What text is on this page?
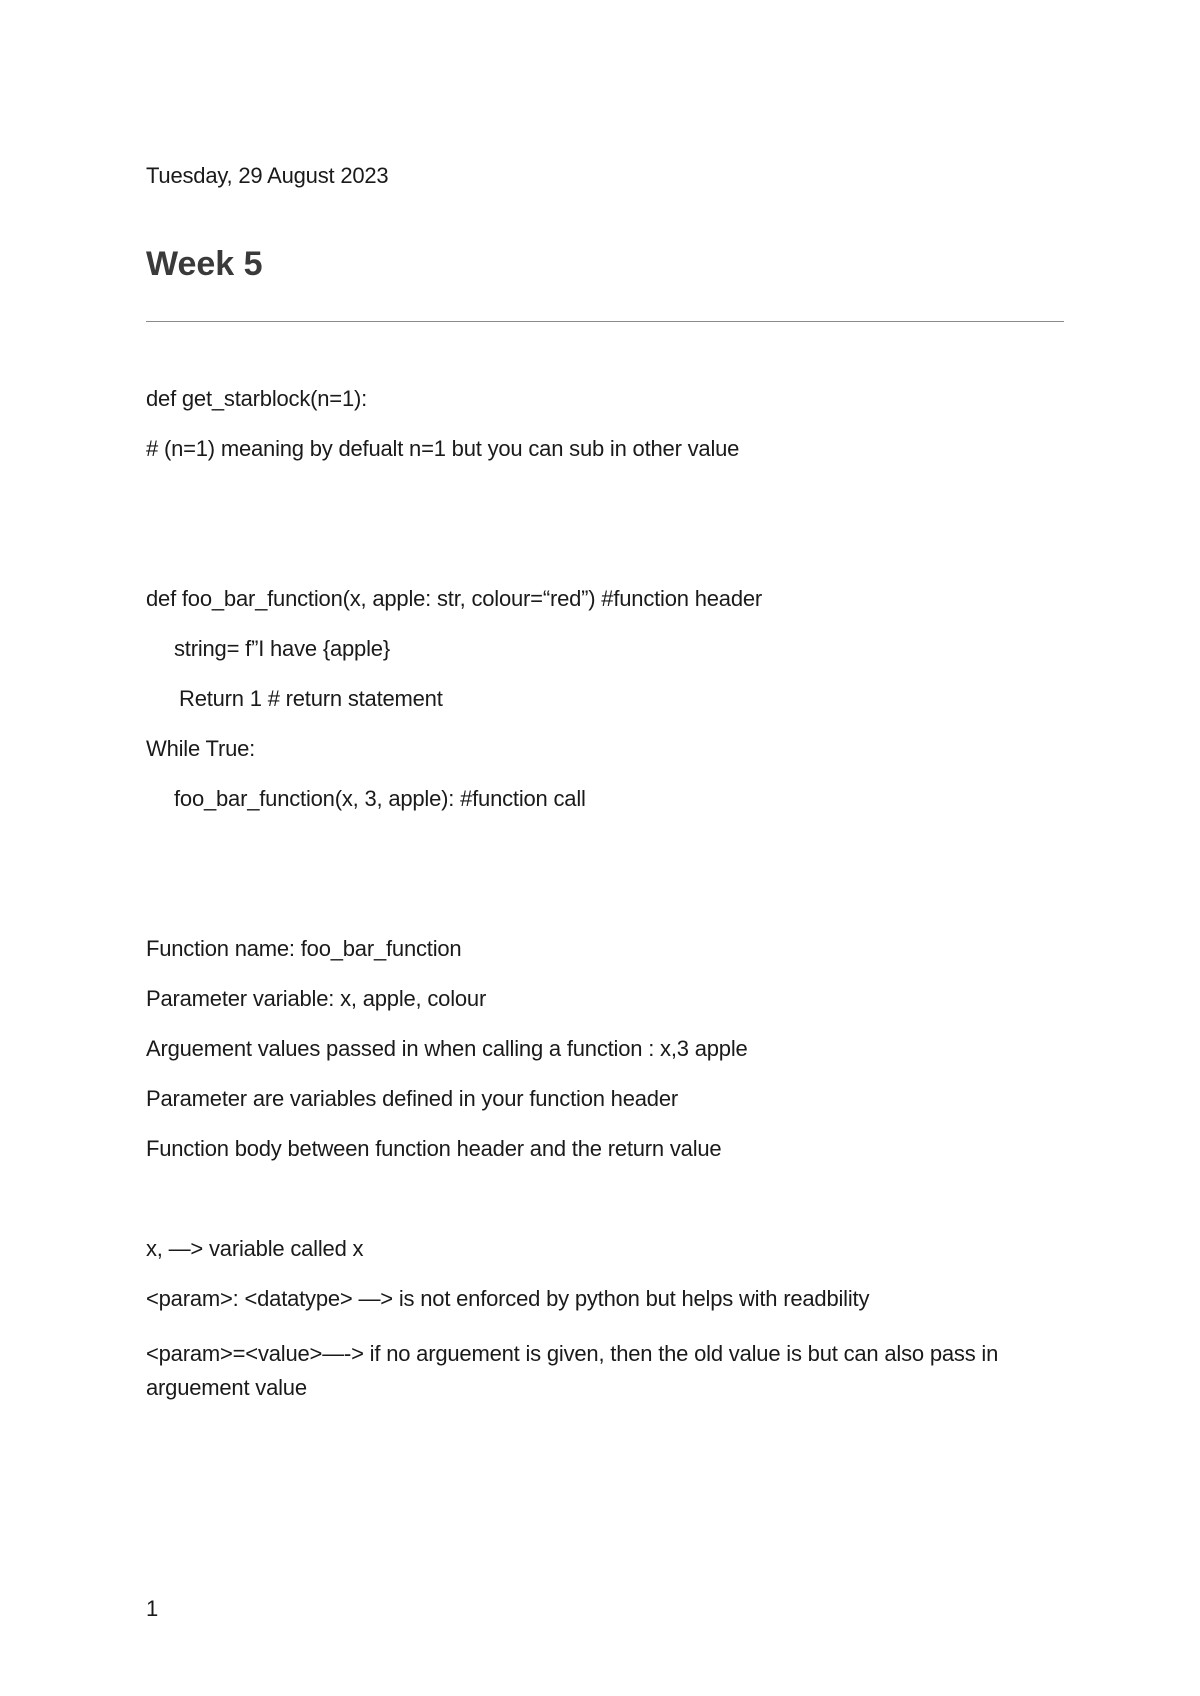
Tuesday, 29 August 2023
Week 5
def get_starblock(n=1):
# (n=1) meaning by defualt n=1 but you can sub in other value
def foo_bar_function(x, apple: str, colour=“red”) #function header
string= f”I have {apple}
Return 1 # return statement
While True:
foo_bar_function(x, 3, apple): #function call
Function name: foo_bar_function
Parameter variable: x, apple, colour
Arguement values passed in when calling a function : x,3 apple
Parameter are variables defined in your function header
Function body between function header and the return value
x, —> variable called x
<param>: <datatype> —> is not enforced by python but helps with readbility
<param>=<value>—-> if no arguement is given, then the old value is but can also pass in arguement value
1
